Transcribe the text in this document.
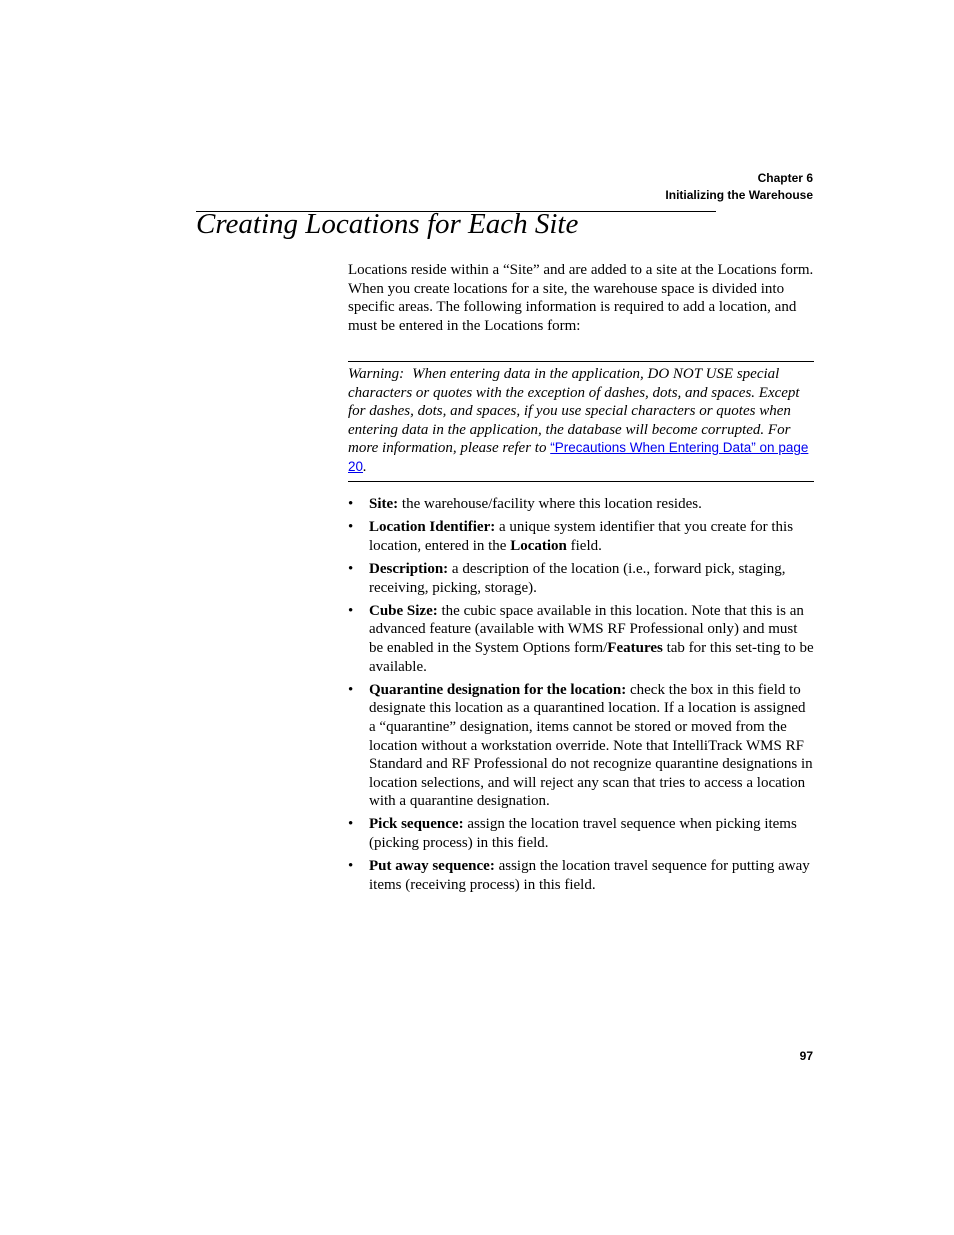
Chapter 6
Initializing the Warehouse
Creating Locations for Each Site

Locations reside within a “Site” and are added to a site at the Locations form. When you create locations for a site, the warehouse space is divided into specific areas. The following information is required to add a location, and must be entered in the Locations form:

Warning: When entering data in the application, DO NOT USE special characters or quotes with the exception of dashes, dots, and spaces. Except for dashes, dots, and spaces, if you use special characters or quotes when entering data in the application, the database will become corrupted. For more information, please refer to “Precautions When Entering Data” on page 20.

•	Site: the warehouse/facility where this location resides.
•	Location Identifier: a unique system identifier that you create for this location, entered in the Location field.
•	Description: a description of the location (i.e., forward pick, staging, receiving, picking, storage).
•	Cube Size: the cubic space available in this location. Note that this is an advanced feature (available with WMS RF Professional only) and must be enabled in the System Options form/Features tab for this set-ting to be available.
•	Quarantine designation for the location: check the box in this field to designate this location as a quarantined location. If a location is assigned a “quarantine” designation, items cannot be stored or moved from the location without a workstation override. Note that IntelliTrack WMS RF Standard and RF Professional do not recognize quarantine designations in location selections, and will reject any scan that tries to access a location with a quarantine designation.
•	Pick sequence: assign the location travel sequence when picking items (picking process) in this field.
•	Put away sequence: assign the location travel sequence for putting away items (receiving process) in this field.
97
